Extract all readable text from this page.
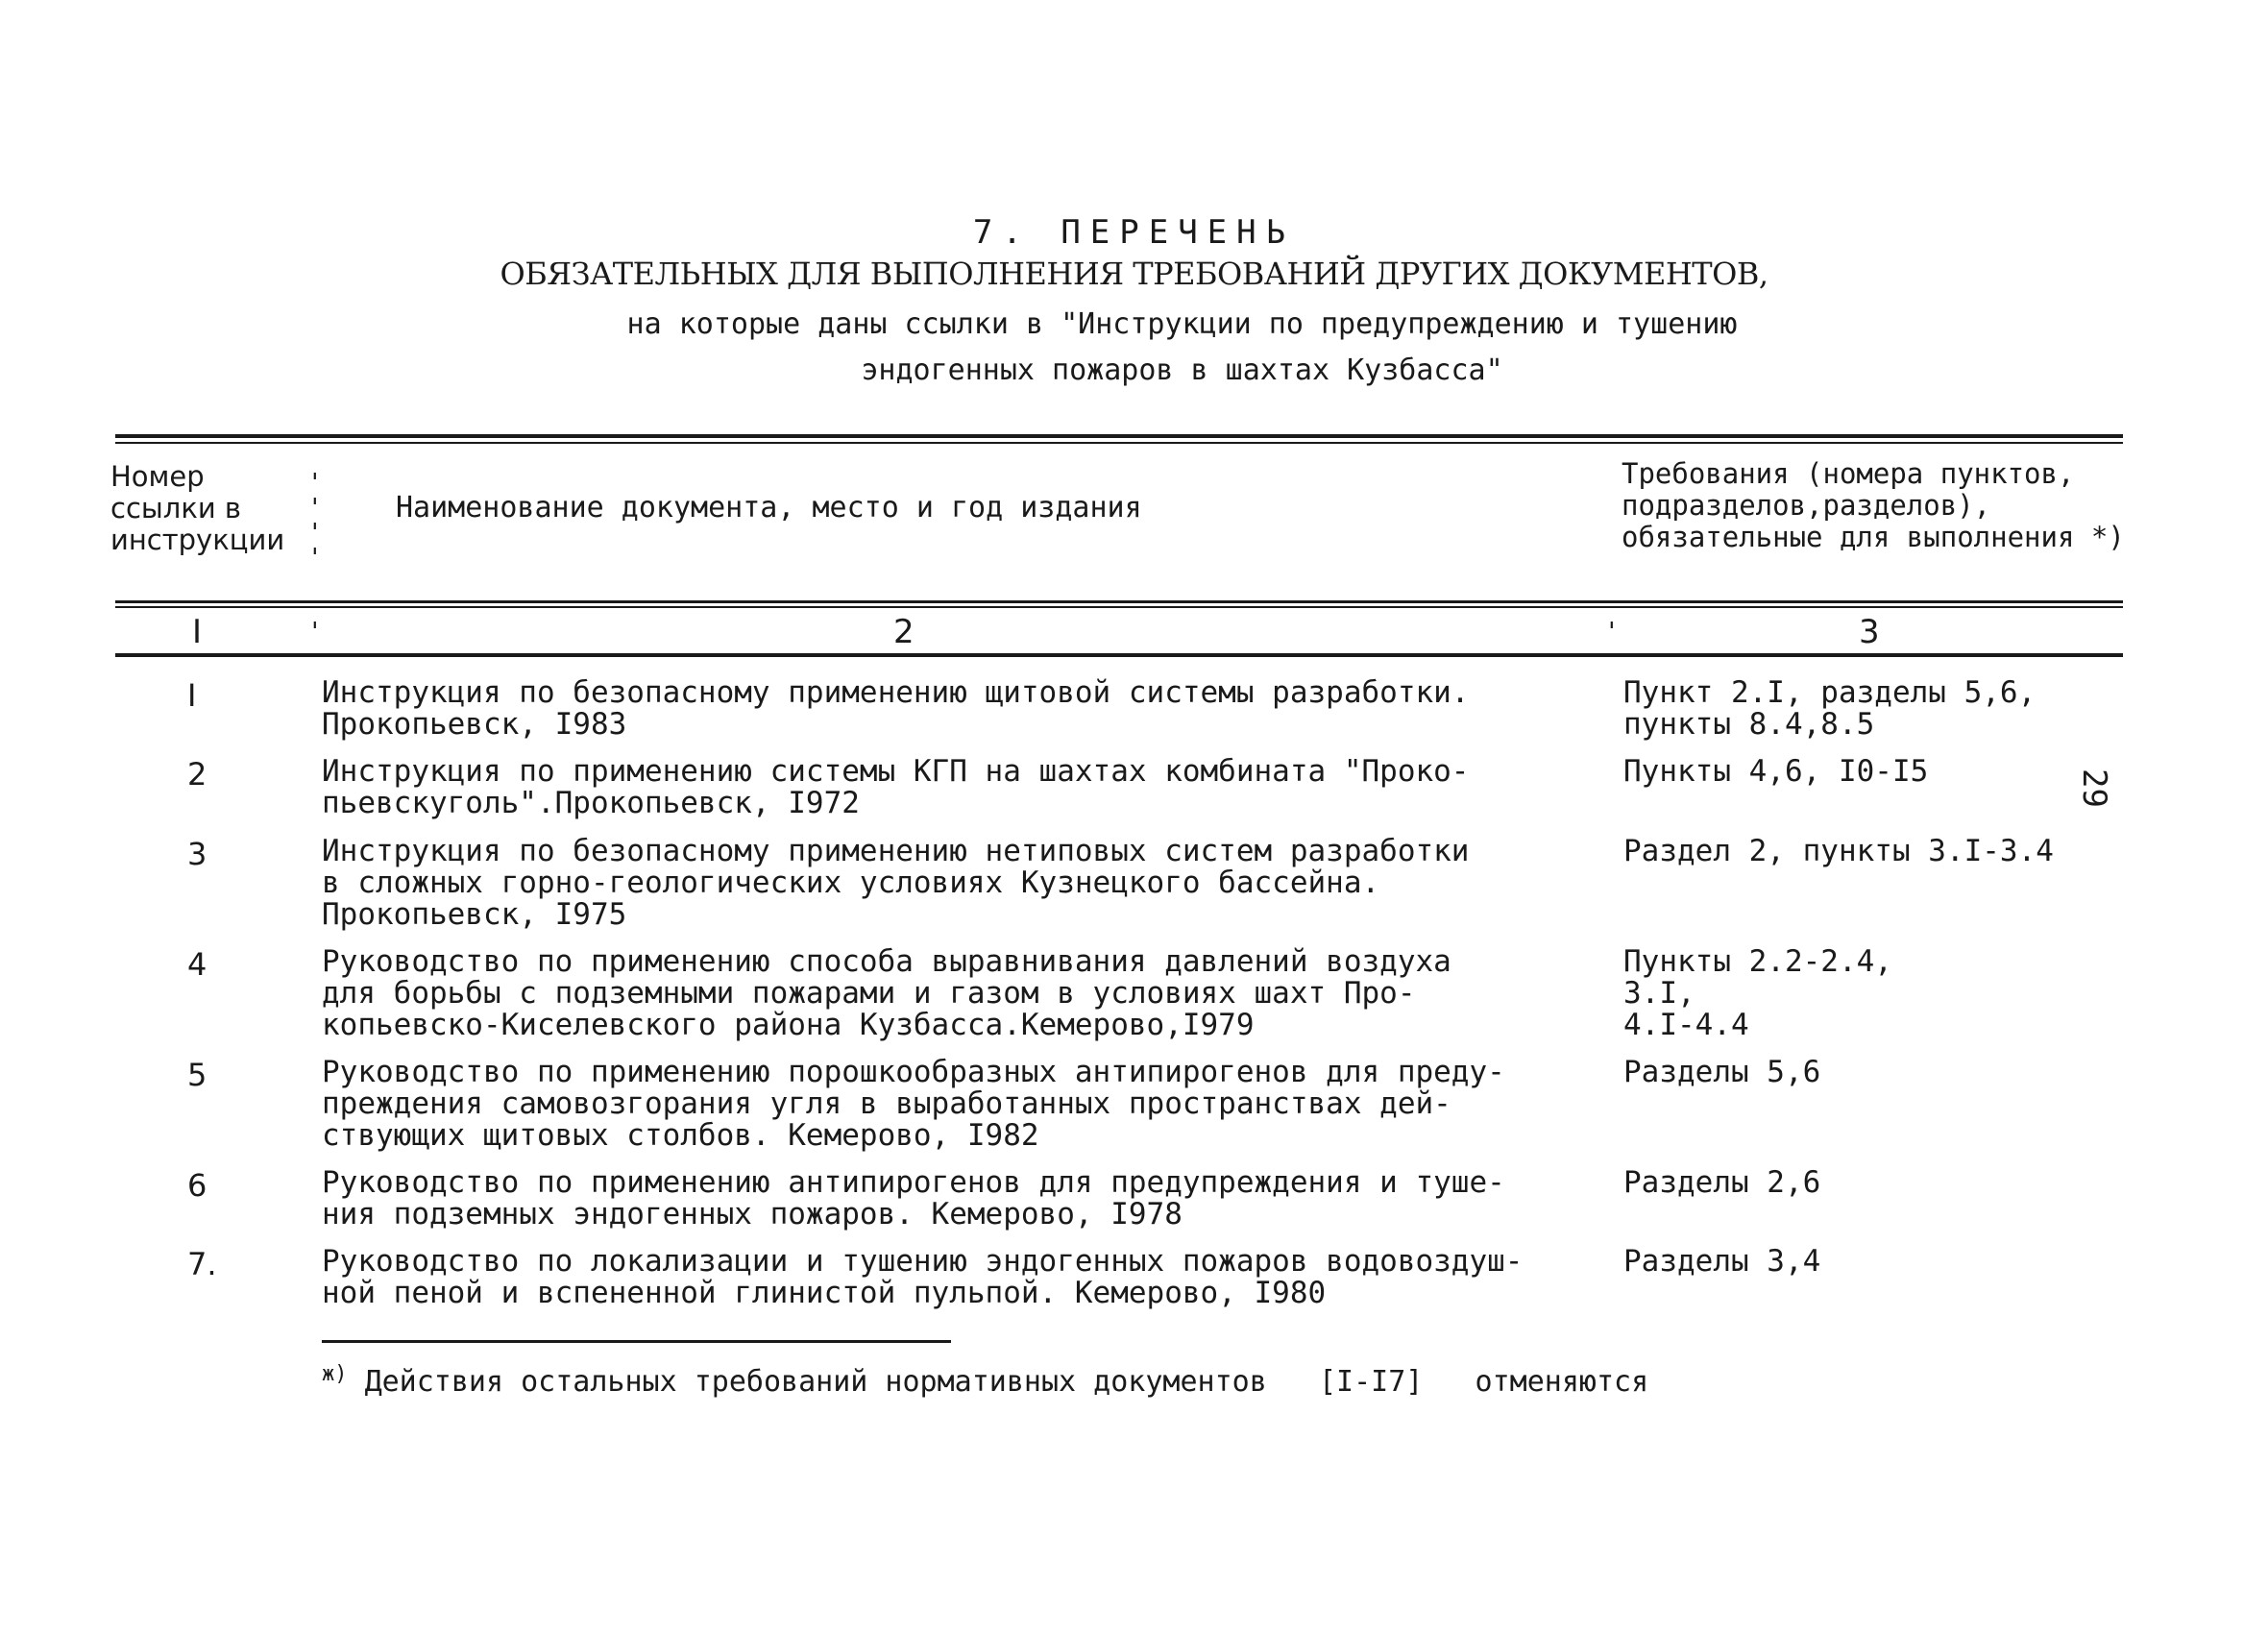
7. ПЕРЕЧЕНЬ
ОБЯЗАТЕЛЬНЫХ ДЛЯ ВЫПОЛНЕНИЯ ТРЕБОВАНИЙ ДРУГИХ ДОКУМЕНТОВ,
на которые даны ссылки в "Инструкции по предупреждению и тушению
эндогенных пожаров в шахтах Кузбасса"
'
'
'
'
'	'
Номер ссылки в инструкции
Наименование документа, место и год издания
Требования (номера пунктов, подразделов,разделов), обязательные для выполнения *)
I	2	3
I	Инструкция по безопасному применению щитовой системы разработки.
Прокопьевск, I983
Пункт 2.I, разделы 5,6,
пункты 8.4,8.5
2	Инструкция по применению системы КГП на шахтах комбината "Проко-
пьевскуголь".Прокопьевск, I972
Пункты 4,6, I0-I5
3	Инструкция по безопасному применению нетиповых систем разработки
в сложных горно-геологических условиях Кузнецкого бассейна.
Прокопьевск, I975
Раздел 2, пункты 3.I-3.4
4	Руководство по применению способа выравнивания давлений воздуха
для борьбы с подземными пожарами и газом в условиях шахт Про-
копьевско-Киселевского района Кузбасса.Кемерово,I979
Пункты 2.2-2.4,
3.I,
4.I-4.4
5	Руководство по применению порошкообразных антипирогенов для преду-
преждения самовозгорания угля в выработанных пространствах дей-
ствующих щитовых столбов. Кемерово, I982
Разделы 5,6
6	Руководство по применению антипирогенов для предупреждения и туше-
ния подземных эндогенных пожаров. Кемерово, I978
Разделы 2,6
7.	Руководство по локализации и тушению эндогенных пожаров водовоздуш-
ной пеной и вспененной глинистой пульпой. Кемерово, I980
Разделы 3,4
$^{ж)}$ Действия остальных требований нормативных документов [I-I7] отменяются
29
